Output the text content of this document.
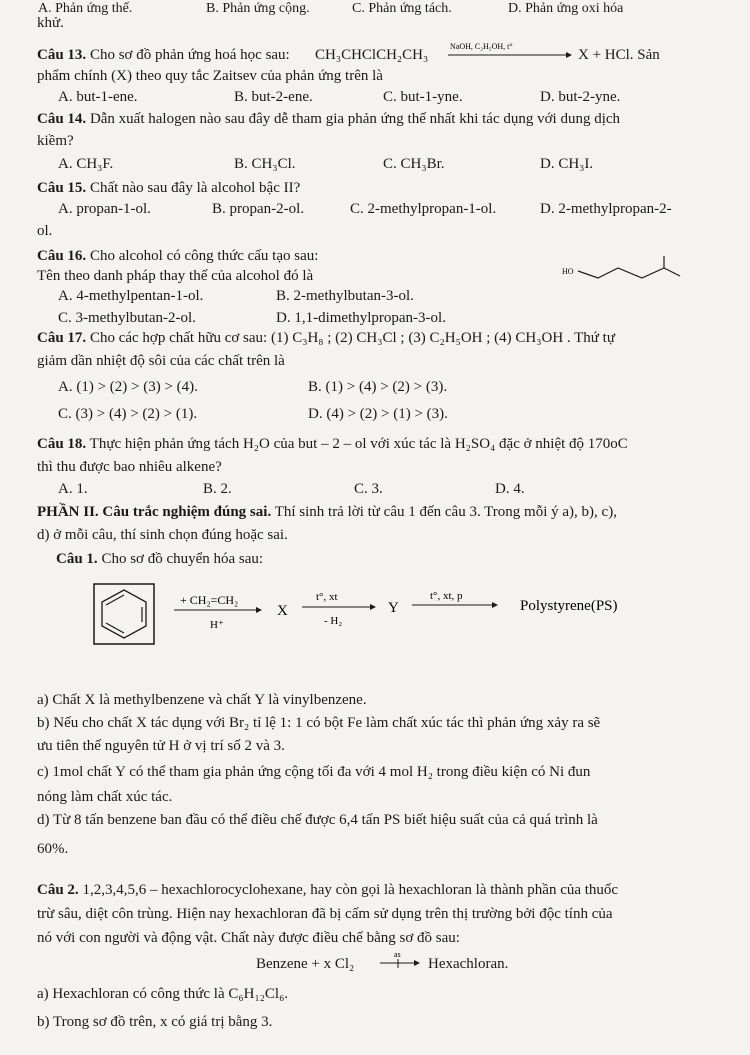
A. Phản ứng thế.	B. Phản ứng cộng.	C. Phản ứng tách.	D. Phản ứng oxi hóa
khử.
Câu 13. Cho sơ đồ phản ứng hoá học sau: CH₃CHClCH₂CH₃
NaOH, C₂H₅OH, t°
X + HCl. Sản
phẩm chính (X) theo quy tắc Zaitsev của phản ứng trên là
A. but-1-ene.	B. but-2-ene.	C. but-1-yne.	D. but-2-yne.
Câu 14. Dẫn xuất halogen nào sau đây dễ tham gia phản ứng thế nhất khi tác dụng với dung dịch
kiềm?
A. CH₃F.	B. CH₃Cl.	C. CH₃Br.	D. CH₃I.
Câu 15. Chất nào sau đây là alcohol bậc II?
A. propan-1-ol.	B. propan-2-ol.	C. 2-methylpropan-1-ol.	D. 2-methylpropan-2-
ol.
Câu 16. Cho alcohol có công thức cấu tạo sau:
Tên theo danh pháp thay thế của alcohol đó là	HO
A. 4-methylpentan-1-ol.	B. 2-methylbutan-3-ol.
C. 3-methylbutan-2-ol.	D. 1,1-dimethylpropan-3-ol.
Câu 17. Cho các hợp chất hữu cơ sau: (1) C₃H₈ ; (2) CH₃Cl ; (3) C₂H₅OH ; (4) CH₃OH . Thứ tự
giảm dần nhiệt độ sôi của các chất trên là
A. (1) > (2) > (3) > (4).	B. (1) > (4) > (2) > (3).
C. (3) > (4) > (2) > (1).	D. (4) > (2) > (1) > (3).
Câu 18. Thực hiện phản ứng tách H₂O của but – 2 – ol với xúc tác là H₂SO₄ đặc ở nhiệt độ 170oC
thì thu được bao nhiêu alkene?
A. 1.	B. 2.	C. 3.	D. 4.
PHẦN II. Câu trắc nghiệm đúng sai. Thí sinh trả lời từ câu 1 đến câu 3. Trong mỗi ý a), b), c),
d) ở mỗi câu, thí sinh chọn đúng hoặc sai.
Câu 1. Cho sơ đồ chuyển hóa sau:
+ CH₂=CH₂
H⁺
X
t°, xt
- H₂
Y
t°, xt, p
Polystyrene(PS)
a) Chất X là methylbenzene và chất Y là vinylbenzene.
b) Nếu cho chất X tác dụng với Br₂ tỉ lệ 1: 1 có bột Fe làm chất xúc tác thì phản ứng xảy ra sẽ
ưu tiên thế nguyên tử H ở vị trí số 2 và 3.
c) 1mol chất Y có thể tham gia phản ứng cộng tối đa với 4 mol H₂ trong điều kiện có Ni đun
nóng làm chất xúc tác.
d) Từ 8 tấn benzene ban đầu có thể điều chế được 6,4 tấn PS biết hiệu suất của cả quá trình là
60%.
Câu 2. 1,2,3,4,5,6 – hexachlorocyclohexane, hay còn gọi là hexachloran là thành phần của thuốc
trừ sâu, diệt côn trùng. Hiện nay hexachloran đã bị cấm sử dụng trên thị trường bởi độc tính của
nó với con người và động vật. Chất này được điều chế bằng sơ đồ sau:
Benzene + x Cl₂
as
Hexachloran.
a) Hexachloran có công thức là C₆H₁₂Cl₆.
b) Trong sơ đồ trên, x có giá trị bằng 3.
